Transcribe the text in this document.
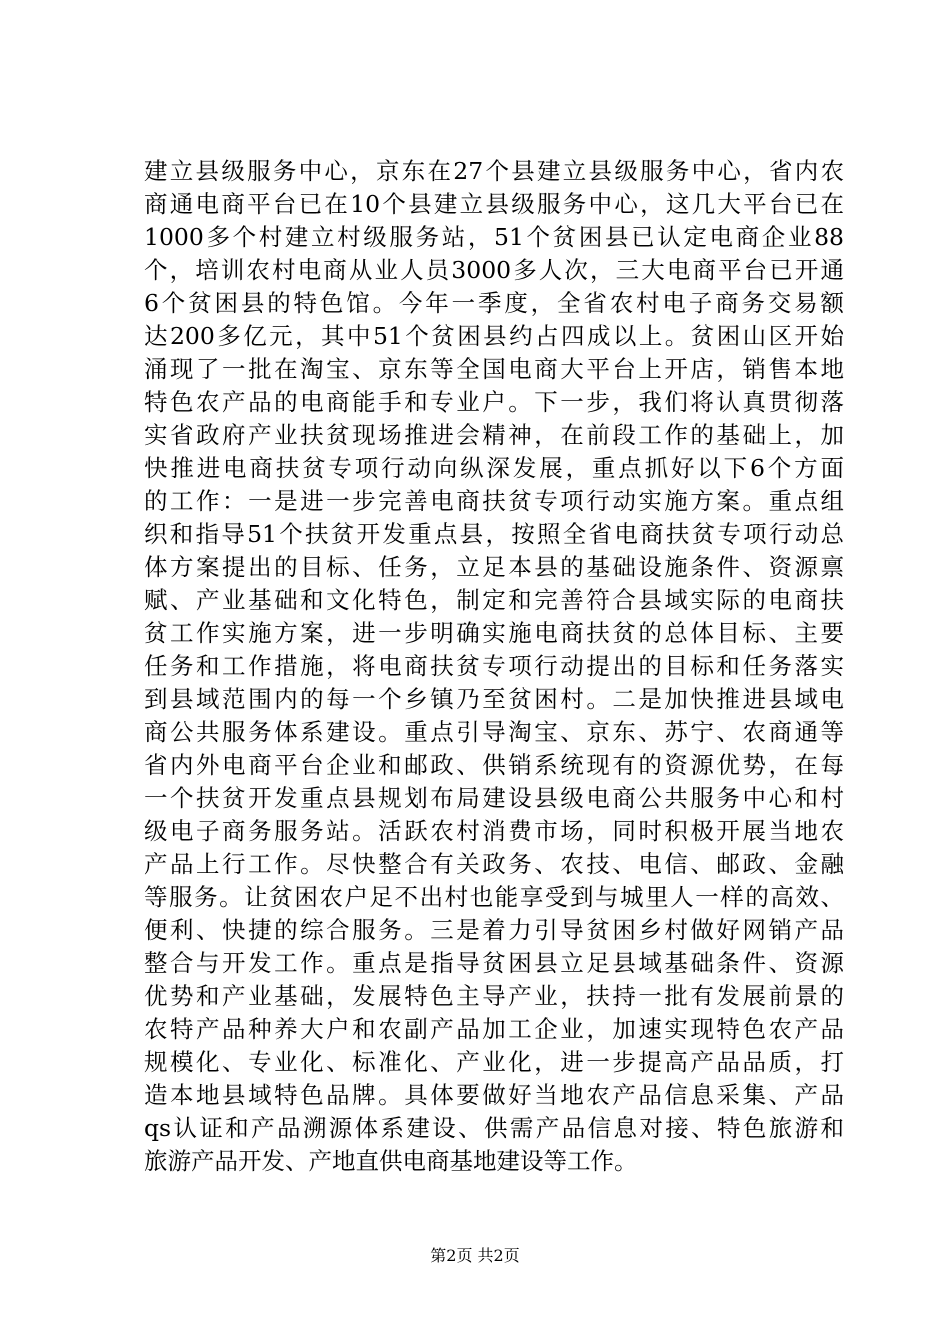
建立县级服务中心，京东在27个县建立县级服务中心，省内农
商通电商平台已在10个县建立县级服务中心，这几大平台已在
1000多个村建立村级服务站，51个贫困县已认定电商企业88
个，培训农村电商从业人员3000多人次，三大电商平台已开通
6个贫困县的特色馆。今年一季度，全省农村电子商务交易额
达200多亿元，其中51个贫困县约占四成以上。贫困山区开始
涌现了一批在淘宝、京东等全国电商大平台上开店，销售本地
特色农产品的电商能手和专业户。下一步，我们将认真贯彻落
实省政府产业扶贫现场推进会精神，在前段工作的基础上，加
快推进电商扶贫专项行动向纵深发展，重点抓好以下6个方面
的工作：一是进一步完善电商扶贫专项行动实施方案。重点组
织和指导51个扶贫开发重点县，按照全省电商扶贫专项行动总
体方案提出的目标、任务，立足本县的基础设施条件、资源禀
赋、产业基础和文化特色，制定和完善符合县域实际的电商扶
贫工作实施方案，进一步明确实施电商扶贫的总体目标、主要
任务和工作措施，将电商扶贫专项行动提出的目标和任务落实
到县域范围内的每一个乡镇乃至贫困村。二是加快推进县域电
商公共服务体系建设。重点引导淘宝、京东、苏宁、农商通等
省内外电商平台企业和邮政、供销系统现有的资源优势，在每
一个扶贫开发重点县规划布局建设县级电商公共服务中心和村
级电子商务服务站。活跃农村消费市场，同时积极开展当地农
产品上行工作。尽快整合有关政务、农技、电信、邮政、金融
等服务。让贫困农户足不出村也能享受到与城里人一样的高效、
便利、快捷的综合服务。三是着力引导贫困乡村做好网销产品
整合与开发工作。重点是指导贫困县立足县域基础条件、资源
优势和产业基础，发展特色主导产业，扶持一批有发展前景的
农特产品种养大户和农副产品加工企业，加速实现特色农产品
规模化、专业化、标准化、产业化，进一步提高产品品质，打
造本地县域特色品牌。具体要做好当地农产品信息采集、产品
qs认证和产品溯源体系建设、供需产品信息对接、特色旅游和
旅游产品开发、产地直供电商基地建设等工作。
第2页 共2页
